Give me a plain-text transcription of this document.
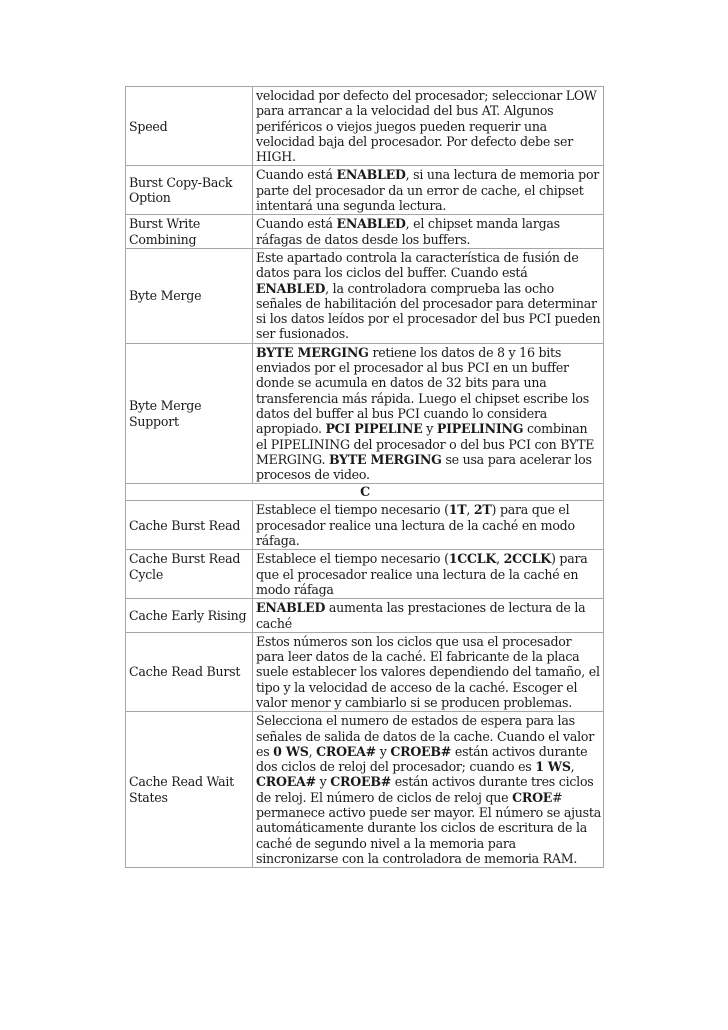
Speed	velocidad por defecto del procesador; seleccionar LOW para arrancar a la velocidad del bus AT. Algunos periféricos o viejos juegos pueden requerir una velocidad baja del procesador. Por defecto debe ser HIGH.
Burst Copy-Back Option	Cuando está ENABLED, si una lectura de memoria por parte del procesador da un error de cache, el chipset intentará una segunda lectura.
Burst Write Combining	Cuando está ENABLED, el chipset manda largas ráfagas de datos desde los buffers.
Byte Merge	Este apartado controla la característica de fusión de datos para los ciclos del buffer. Cuando está ENABLED, la controladora comprueba las ocho señales de habilitación del procesador para determinar si los datos leídos por el procesador del bus PCI pueden ser fusionados.
Byte Merge Support	BYTE MERGING retiene los datos de 8 y 16 bits enviados por el procesador al bus PCI en un buffer donde se acumula en datos de 32 bits para una transferencia más rápida. Luego el chipset escribe los datos del buffer al bus PCI cuando lo considera apropiado. PCI PIPELINE y PIPELINING combinan el PIPELINING del procesador o del bus PCI con BYTE MERGING. BYTE MERGING se usa para acelerar los procesos de video.
C	
Cache Burst Read	Establece el tiempo necesario (1T, 2T) para que el procesador realice una lectura de la caché en modo ráfaga.
Cache Burst Read Cycle	Establece el tiempo necesario (1CCLK, 2CCLK) para que el procesador realice una lectura de la caché en modo ráfaga
Cache Early Rising	ENABLED aumenta las prestaciones de lectura de la caché
Cache Read Burst	Estos números son los ciclos que usa el procesador para leer datos de la caché. El fabricante de la placa suele establecer los valores dependiendo del tamaño, el tipo y la velocidad de acceso de la caché. Escoger el valor menor y cambiarlo si se producen problemas.
Cache Read Wait States	Selecciona el numero de estados de espera para las señales de salida de datos de la cache. Cuando el valor es 0 WS, CROEA# y CROEB# están activos durante dos ciclos de reloj del procesador; cuando es 1 WS, CROEA# y CROEB# están activos durante tres ciclos de reloj. El número de ciclos de reloj que CROE# permanece activo puede ser mayor. El número se ajusta automáticamente durante los ciclos de escritura de la caché de segundo nivel a la memoria para sincronizarse con la controladora de memoria RAM.
